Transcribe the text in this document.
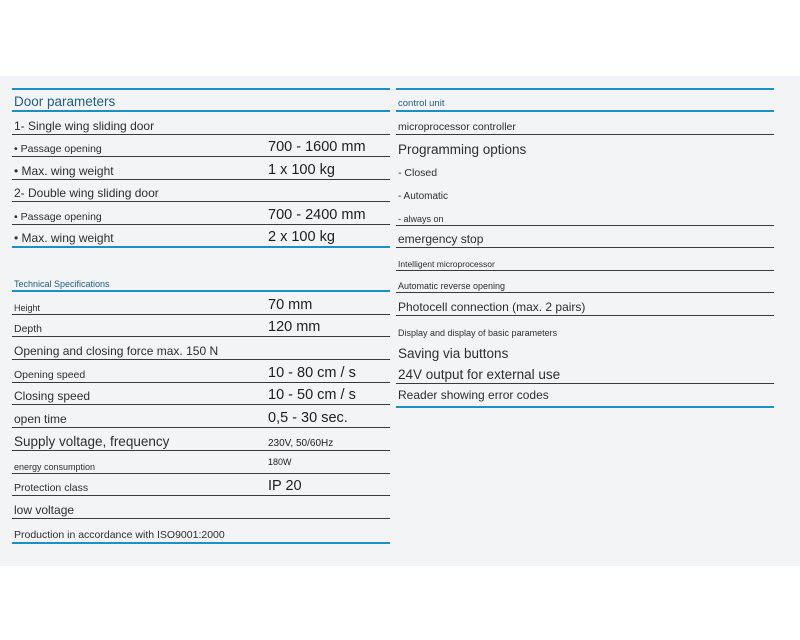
Door parameters
1- Single wing sliding door
• Passage opening	700 - 1600 mm
• Max. wing weight	1 x 100 kg
2- Double wing sliding door
• Passage opening	700 - 2400 mm
• Max. wing weight	2 x 100 kg
Technical Specifications
Height	70 mm
Depth	120 mm
Opening and closing force max. 150 N
Opening speed	10 - 80 cm / s
Closing speed	10 - 50 cm / s
open time	0,5 - 30 sec.
Supply voltage, frequency	230V, 50/60Hz
energy consumption	180W
Protection class	IP 20
low voltage
Production in accordance with ISO9001:2000
control unit
microprocessor controller
Programming options
- Closed
- Automatic
- always on
emergency stop
Intelligent microprocessor
Automatic reverse opening
Photocell connection (max. 2 pairs)
Display and display of basic parameters
Saving via buttons
24V output for external use
Reader showing error codes
